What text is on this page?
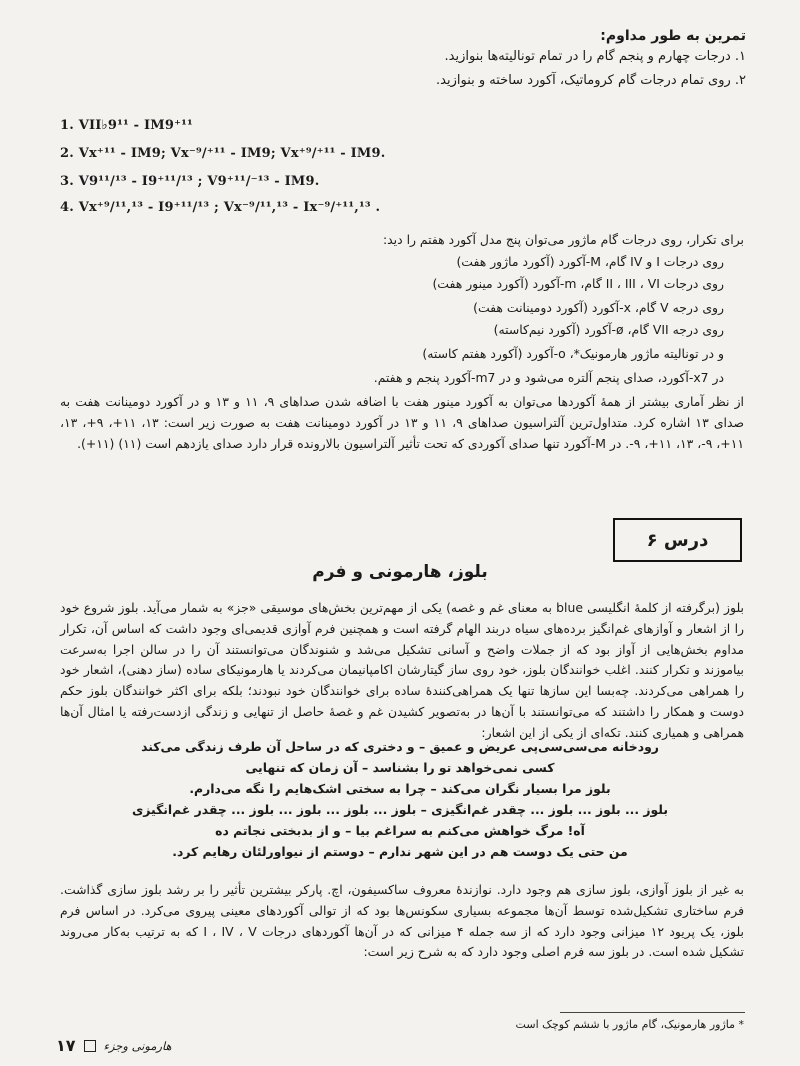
تمرین به طور مداوم:
۱. درجات چهارم و پنجم گام را در تمام تونالیته‌ها بنوازید.
۲. روی تمام درجات گام کروماتیک، آکورد ساخته و بنوازید.
1. VII♭9¹¹ - IM9⁺¹¹
2. Vx⁺¹¹ - IM9; Vx⁻⁹/⁺¹¹ - IM9; Vx⁺⁹/⁺¹¹ - IM9.
3. V9¹¹/¹³ - I9⁺¹¹/¹³ ; V9⁺¹¹/⁻¹³ - IM9.
4. Vx⁺⁹/¹¹,¹³ - I9⁺¹¹/¹³ ; Vx⁻⁹/¹¹,¹³ - Ix⁻⁹/⁺¹¹,¹³ .
برای تکرار، روی درجات گام ماژور می‌توان پنج مدل آکورد هفتم را دید:
روی درجات I و IV گام، M-آکورد (آکورد ماژور هفت)
روی درجات II ، III ، VI گام، m-آکورد (آکورد مینور هفت)
روی درجه V گام، x-آکورد (آکورد دومینانت هفت)
روی درجه VII گام، ø-آکورد (آکورد نیم‌کاسته)
و در تونالیته ماژور هارمونیک*، o-آکورد (آکورد هفتم کاسته)
در x7-آکورد، صدای پنجم آلتره می‌شود و در m7-آکورد پنجم و هفتم.
از نظر آماری بیشتر از همهٔ آکوردها می‌توان به آکورد مینور هفت با اضافه شدن صداهای ۹، ۱۱ و ۱۳ و در آکورد دومینانت هفت به صدای ۱۳ اشاره کرد. متداول‌ترین آلتراسیون صداهای ۹، ۱۱ و ۱۳ در آکورد دومینانت هفت به صورت زیر است: ۱۳، ۱۱+، ۹+، ۱۳، ۱۱+، ۹-، ۱۳، ۱۱+، ۹-. در M-آکورد تنها صدای آکوردی که تحت تأثیر آلتراسیون بالارونده قرار دارد صدای یازدهم است (۱۱) (۱۱+).
درس ۶
بلوز، هارمونی و فرم
بلوز (برگرفته از کلمهٔ انگلیسی blue به معنای غم و غصه) یکی از مهم‌ترین بخش‌های موسیقی «جز» به شمار می‌آید. بلوز شروع خود را از اشعار و آوازهای غم‌انگیز برده‌های سیاه دربند الهام گرفته است و همچنین فرم آوازی قدیمی‌ای وجود داشت که اساس آن، تکرار مداوم بخش‌هایی از آواز بود که از جملات واضح و آسانی تشکیل می‌شد و شنوندگان می‌توانستند آن را در سالن اجرا به‌سرعت بیاموزند و تکرار کنند. اغلب خوانندگان بلوز، خود روی ساز گیتارشان اکامپانیمان می‌کردند یا هارمونیکای ساده (ساز دهنی)، اشعار خود را همراهی می‌کردند. چه‌بسا این سازها تنها یک همراهی‌کنندهٔ ساده برای خوانندگان خود نبودند؛ بلکه برای اکثر خوانندگان بلوز حکم دوست و همکار را داشتند که می‌توانستند با آن‌ها در به‌تصویر کشیدن غم و غصهٔ حاصل از تنهایی و زندگی ازدست‌رفته یا امثال آن‌ها همراهی و همیاری کنند. تکه‌ای از یکی از این اشعار:
رودخانه می‌سی‌سی‌پی عریض و عمیق – و دختری که در ساحل آن طرف زندگی می‌کند
کسی نمی‌خواهد تو را بشناسد – آن زمان که تنهایی
بلوز مرا بسیار نگران می‌کند – چرا به سختی اشک‌هایم را نگه می‌دارم.
بلوز ... بلوز ... بلوز ... چقدر غم‌انگیزی – بلوز ... بلوز ... بلوز ... بلوز ... چقدر غم‌انگیزی
آه! مرگ خواهش می‌کنم به سراغم بیا – و از بدبختی نجاتم ده
من حتی یک دوست هم در این شهر ندارم – دوستم از نیواورلئان رهایم کرد.
به غیر از بلوز آوازی، بلوز سازی هم وجود دارد. نوازندهٔ معروف ساکسیفون، اچ. پارکر بیشترین تأثیر را بر رشد بلوز سازی گذاشت. فرم ساختاری تشکیل‌شده توسط آن‌ها مجموعه بسیاری سکونس‌ها بود که از توالی آکوردهای معینی پیروی می‌کرد. در اساس فرم بلوز، یک پریود ۱۲ میزانی وجود دارد که از سه جمله ۴ میزانی که در آن‌ها آکوردهای درجات I ، IV ، V که به ترتیب به‌کار می‌روند تشکیل شده است. در بلوز سه فرم اصلی وجود دارد که به شرح زیر است:
* ماژور هارمونیک، گام ماژور با ششم کوچک است
۱۷ هارمونی وجزء
